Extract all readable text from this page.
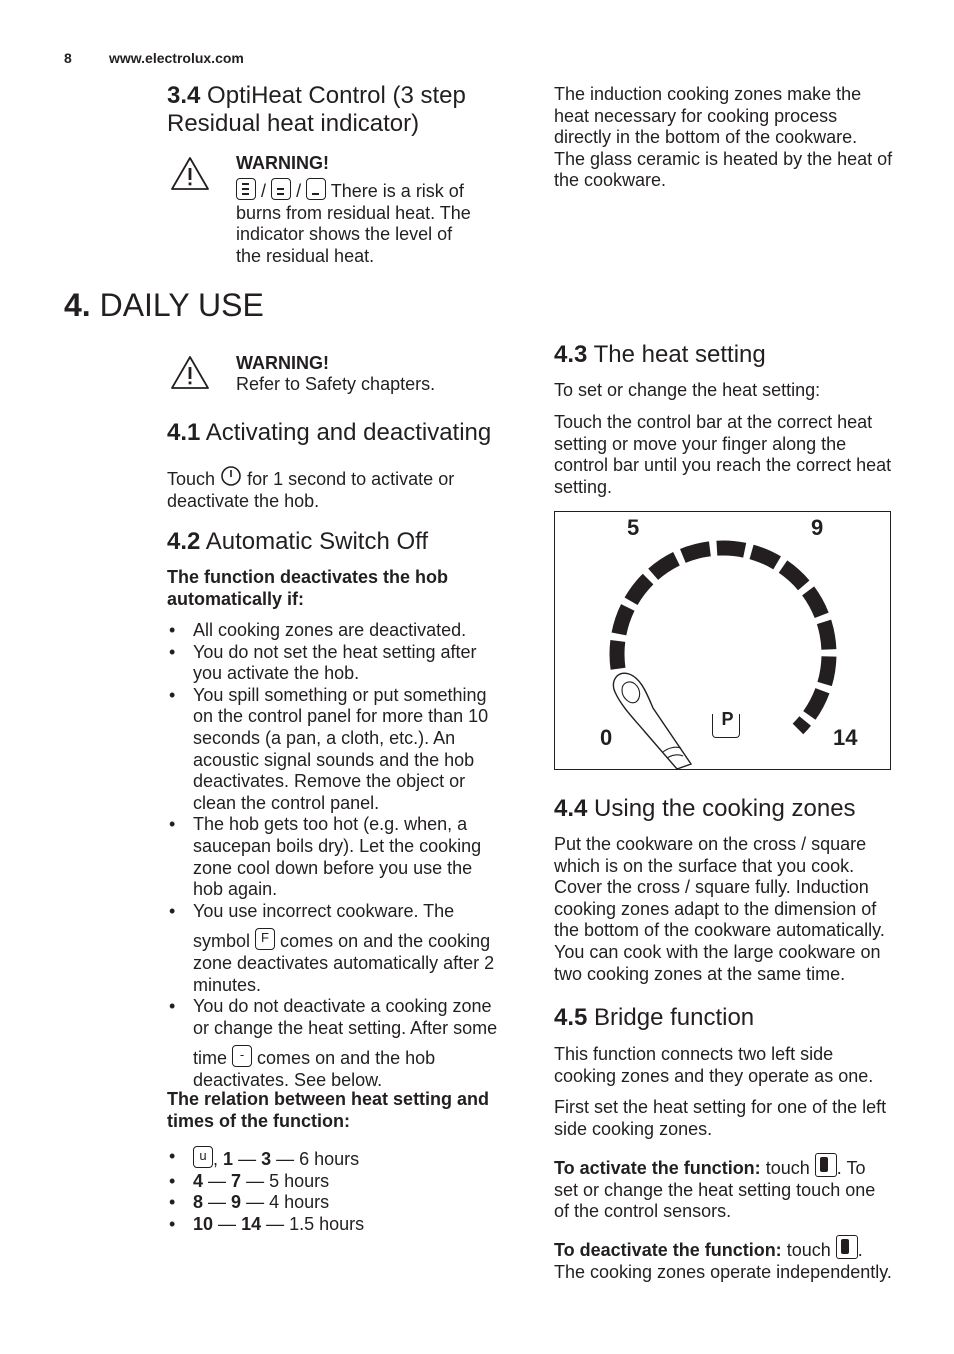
8	www.electrolux.com
3.4 OptiHeat Control (3 step
Residual heat indicator)
WARNING!
/ / There is a risk of
burns from residual heat. The
indicator shows the level of
the residual heat.
The induction cooking zones make the
heat necessary for cooking process
directly in the bottom of the cookware.
The glass ceramic is heated by the heat of
the cookware.
4. DAILY USE
WARNING!
Refer to Safety chapters.
4.1 Activating and deactivating
Touch for 1 second to activate or
deactivate the hob.
4.2 Automatic Switch Off
The function deactivates the hob
automatically if:
• All cooking zones are deactivated.
• You do not set the heat setting after
you activate the hob.
• You spill something or put something
on the control panel for more than 10
seconds (a pan, a cloth, etc.). An
acoustic signal sounds and the hob
deactivates. Remove the object or
clean the control panel.
• The hob gets too hot (e.g. when, a
saucepan boils dry). Let the cooking
zone cool down before you use the
hob again.
• You use incorrect cookware. The
symbol F comes on and the cooking
zone deactivates automatically after 2
minutes.
• You do not deactivate a cooking zone
or change the heat setting. After some
time - comes on and the hob
deactivates. See below.
The relation between heat setting and
times of the function:
• u , 1 — 3 — 6 hours
• 4 — 7 — 5 hours
• 8 — 9 — 4 hours
• 10 — 14 — 1.5 hours
4.3 The heat setting
To set or change the heat setting:
Touch the control bar at the correct heat
setting or move your finger along the
control bar until you reach the correct heat
setting.
5	9
0	14
P
4.4 Using the cooking zones
Put the cookware on the cross / square
which is on the surface that you cook.
Cover the cross / square fully. Induction
cooking zones adapt to the dimension of
the bottom of the cookware automatically.
You can cook with the large cookware on
two cooking zones at the same time.
4.5 Bridge function
This function connects two left side
cooking zones and they operate as one.
First set the heat setting for one of the left
side cooking zones.
To activate the function: touch . To
set or change the heat setting touch one
of the control sensors.
To deactivate the function: touch .
The cooking zones operate independently.
